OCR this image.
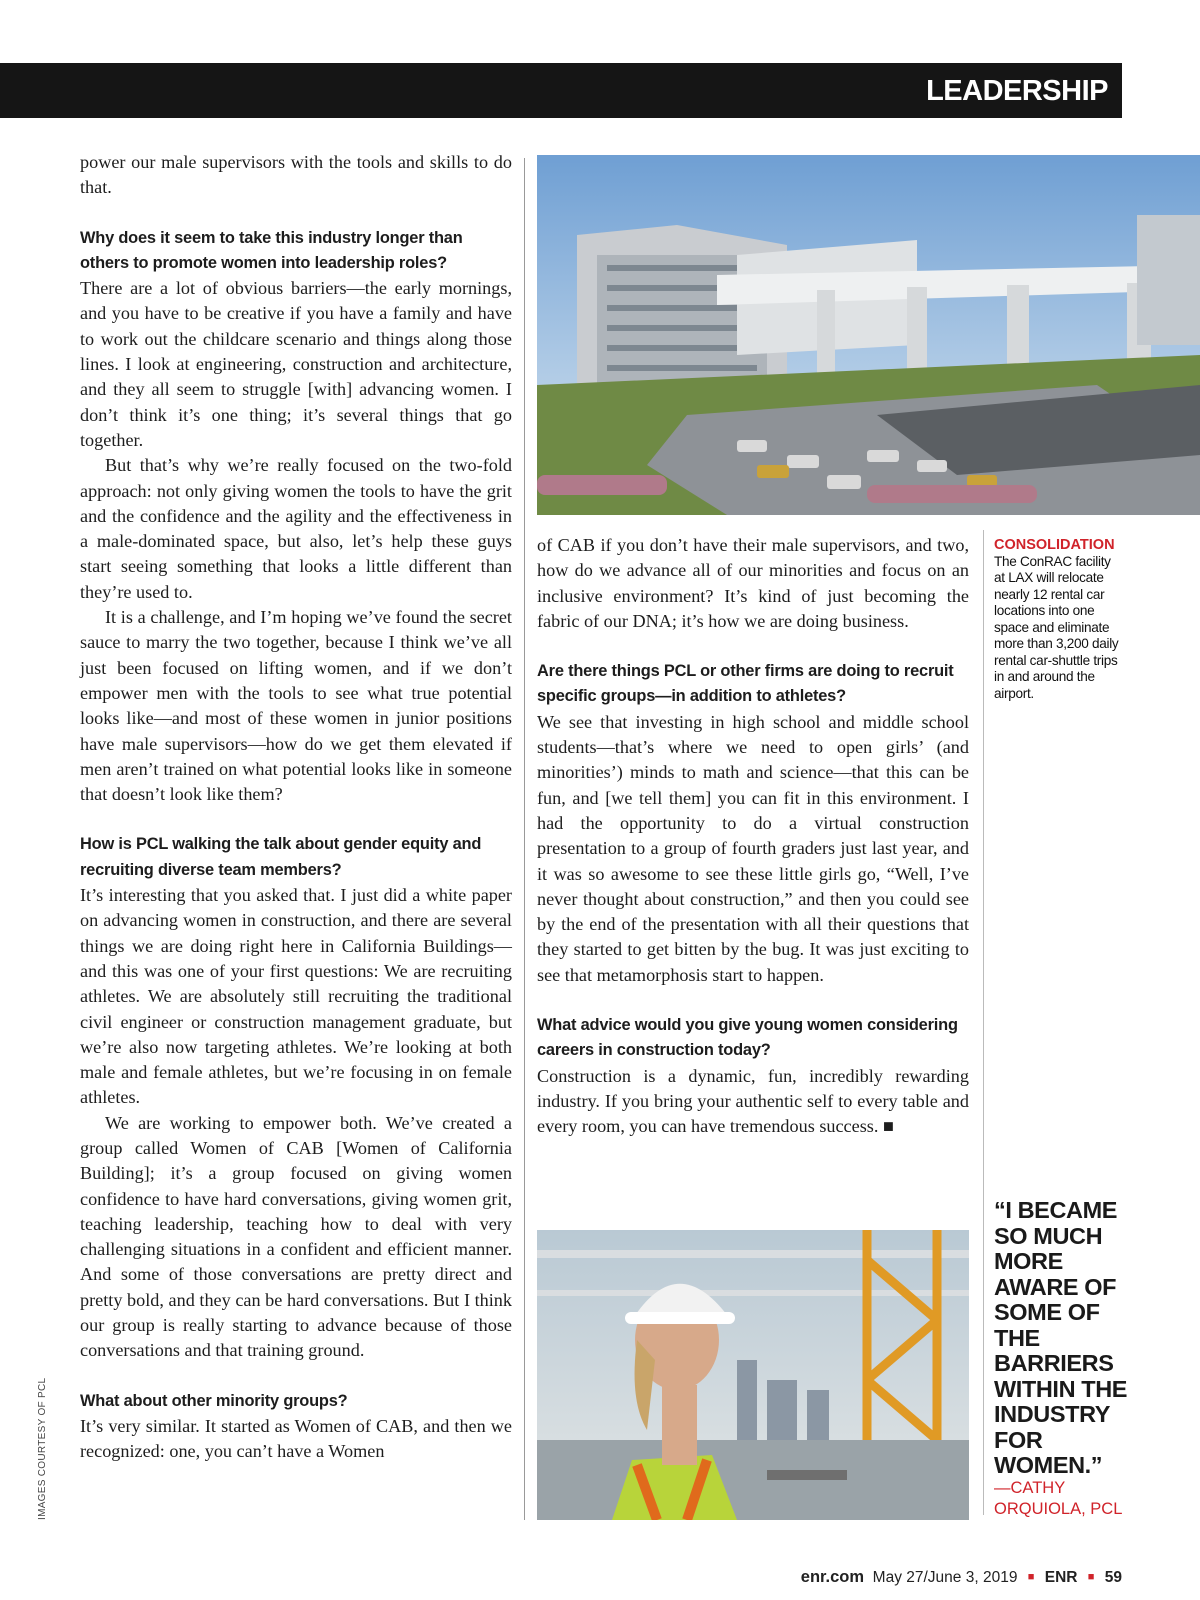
LEADERSHIP

power our male supervisors with the tools and skills to do that.

Why does it seem to take this industry longer than others to promote women into leadership roles?

There are a lot of obvious barriers—the early mornings, and you have to be creative if you have a family and have to work out the childcare scenario and things along those lines. I look at engineering, construction and architecture, and they all seem to struggle [with] advancing women. I don’t think it’s one thing; it’s several things that go together.

But that’s why we’re really focused on the two-fold approach: not only giving women the tools to have the grit and the confidence and the agility and the effectiveness in a male-dominated space, but also, let’s help these guys start seeing something that looks a little different than they’re used to.

It is a challenge, and I’m hoping we’ve found the secret sauce to marry the two together, because I think we’ve all just been focused on lifting women, and if we don’t empower men with the tools to see what true potential looks like—and most of these women in junior positions have male supervisors—how do we get them elevated if men aren’t trained on what potential looks like in someone that doesn’t look like them?

How is PCL walking the talk about gender equity and recruiting diverse team members?

It’s interesting that you asked that. I just did a white paper on advancing women in construction, and there are several things we are doing right here in California Buildings—and this was one of your first questions: We are recruiting athletes. We are absolutely still recruiting the traditional civil engineer or construction management graduate, but we’re also now targeting athletes. We’re looking at both male and female athletes, but we’re focusing in on female athletes.

We are working to empower both. We’ve created a group called Women of CAB [Women of California Building]; it’s a group focused on giving women confidence to have hard conversations, giving women grit, teaching leadership, teaching how to deal with very challenging situations in a confident and efficient manner. And some of those conversations are pretty direct and pretty bold, and they can be hard conversations. But I think our group is really starting to advance because of those conversations and that training ground.

What about other minority groups?

It’s very similar. It started as Women of CAB, and then we recognized: one, you can’t have a Women

CONSOLIDATION
The ConRAC facility at LAX will relocate nearly 12 rental car locations into one space and eliminate more than 3,200 daily rental car-shuttle trips in and around the airport.

of CAB if you don’t have their male supervisors, and two, how do we advance all of our minorities and focus on an inclusive environment? It’s kind of just becoming the fabric of our DNA; it’s how we are doing business.

Are there things PCL or other firms are doing to recruit specific groups—in addition to athletes?

We see that investing in high school and middle school students—that’s where we need to open girls’ (and minorities’) minds to math and science—that this can be fun, and [we tell them] you can fit in this environment. I had the opportunity to do a virtual construction presentation to a group of fourth graders just last year, and it was so awesome to see these little girls go, “Well, I’ve never thought about construction,” and then you could see by the end of the presentation with all their questions that they started to get bitten by the bug. It was just exciting to see that metamorphosis start to happen.

What advice would you give young women considering careers in construction today?

Construction is a dynamic, fun, incredibly rewarding industry. If you bring your authentic self to every table and every room, you can have tremendous success. ■

“I BECAME SO MUCH MORE AWARE OF SOME OF THE BARRIERS WITHIN THE INDUSTRY FOR WOMEN.”
—CATHY ORQUIOLA, PCL
IMAGES COURTESY OF PCL
enr.com May 27/June 3, 2019 ■ ENR ■ 59
